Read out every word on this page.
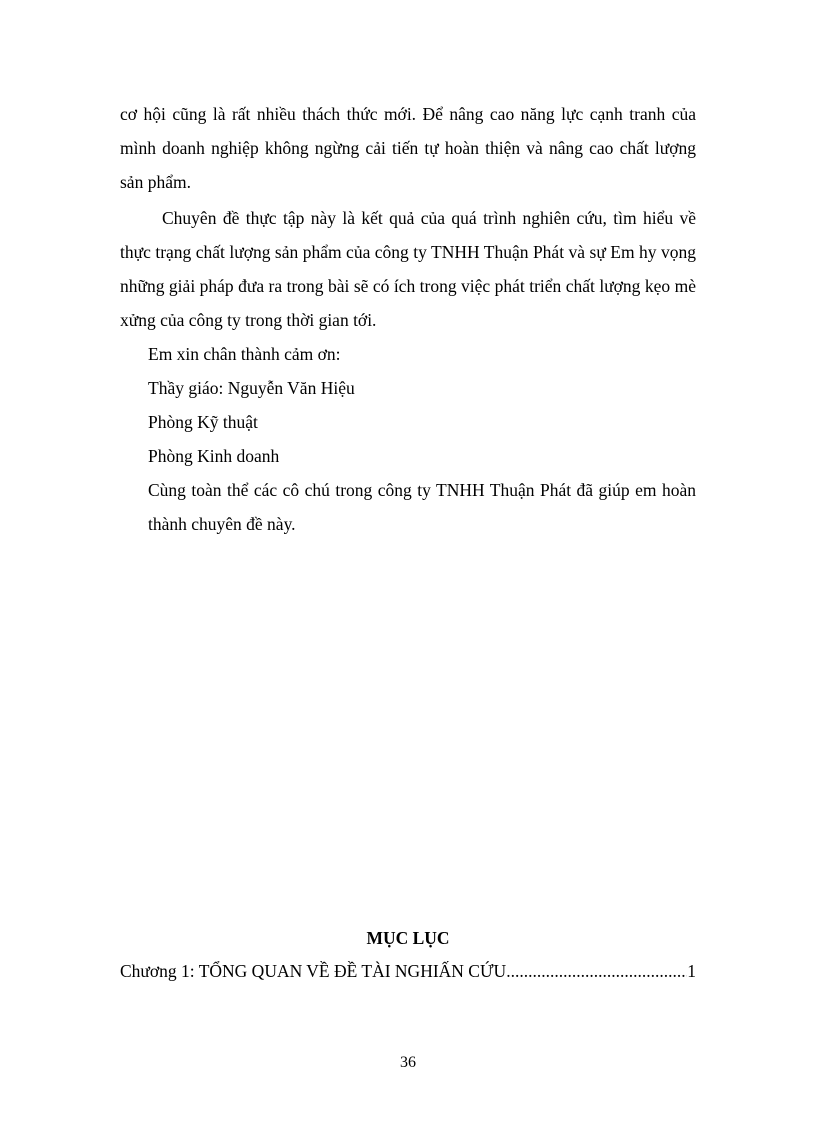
cơ hội cũng là rất nhiều thách thức mới. Để nâng cao năng lực cạnh tranh của mình doanh nghiệp không ngừng cải tiến tự hoàn thiện và nâng cao chất lượng sản phẩm.

Chuyên đề thực tập này là kết quả của quá trình nghiên cứu, tìm hiểu về thực trạng chất lượng sản phẩm của công ty TNHH Thuận Phát và sự Em hy vọng những giải pháp đưa ra trong bài sẽ có ích trong việc phát triển chất lượng kẹo mè xửng của công ty trong thời gian tới.

Em xin chân thành cảm ơn:
Thầy giáo: Nguyễn Văn Hiệu
Phòng Kỹ thuật
Phòng Kinh doanh

Cùng toàn thể các cô chú trong công ty TNHH Thuận Phát đã giúp em hoàn thành chuyên đề này.

MỤC LỤC
Chương 1: TỔNG QUAN VỀ ĐỀ TÀI NGHIẤN CỨU
.....	1
36
